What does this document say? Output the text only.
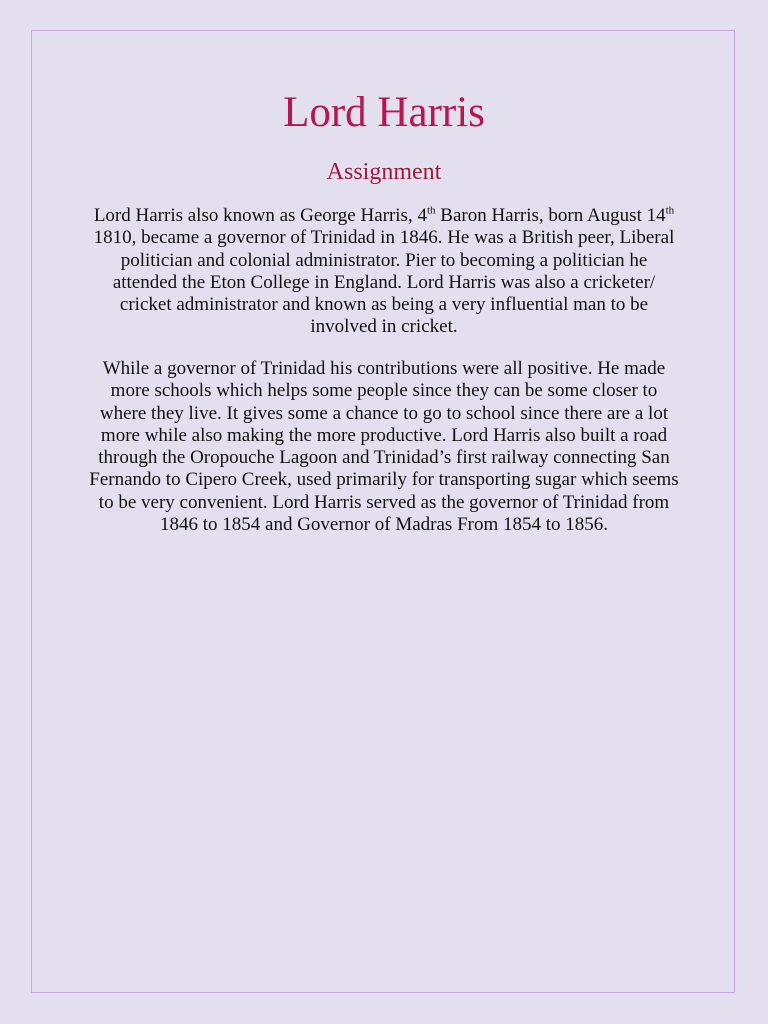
Lord Harris
Assignment

Lord Harris also known as George Harris, 4th Baron Harris, born August 14th 1810, became a governor of Trinidad in 1846. He was a British peer, Liberal politician and colonial administrator. Pier to becoming a politician he attended the Eton College in England. Lord Harris was also a cricketer/ cricket administrator and known as being a very influential man to be involved in cricket.

While a governor of Trinidad his contributions were all positive. He made more schools which helps some people since they can be some closer to where they live. It gives some a chance to go to school since there are a lot more while also making the more productive. Lord Harris also built a road through the Oropouche Lagoon and Trinidad’s first railway connecting San Fernando to Cipero Creek, used primarily for transporting sugar which seems to be very convenient. Lord Harris served as the governor of Trinidad from 1846 to 1854 and Governor of Madras From 1854 to 1856.
